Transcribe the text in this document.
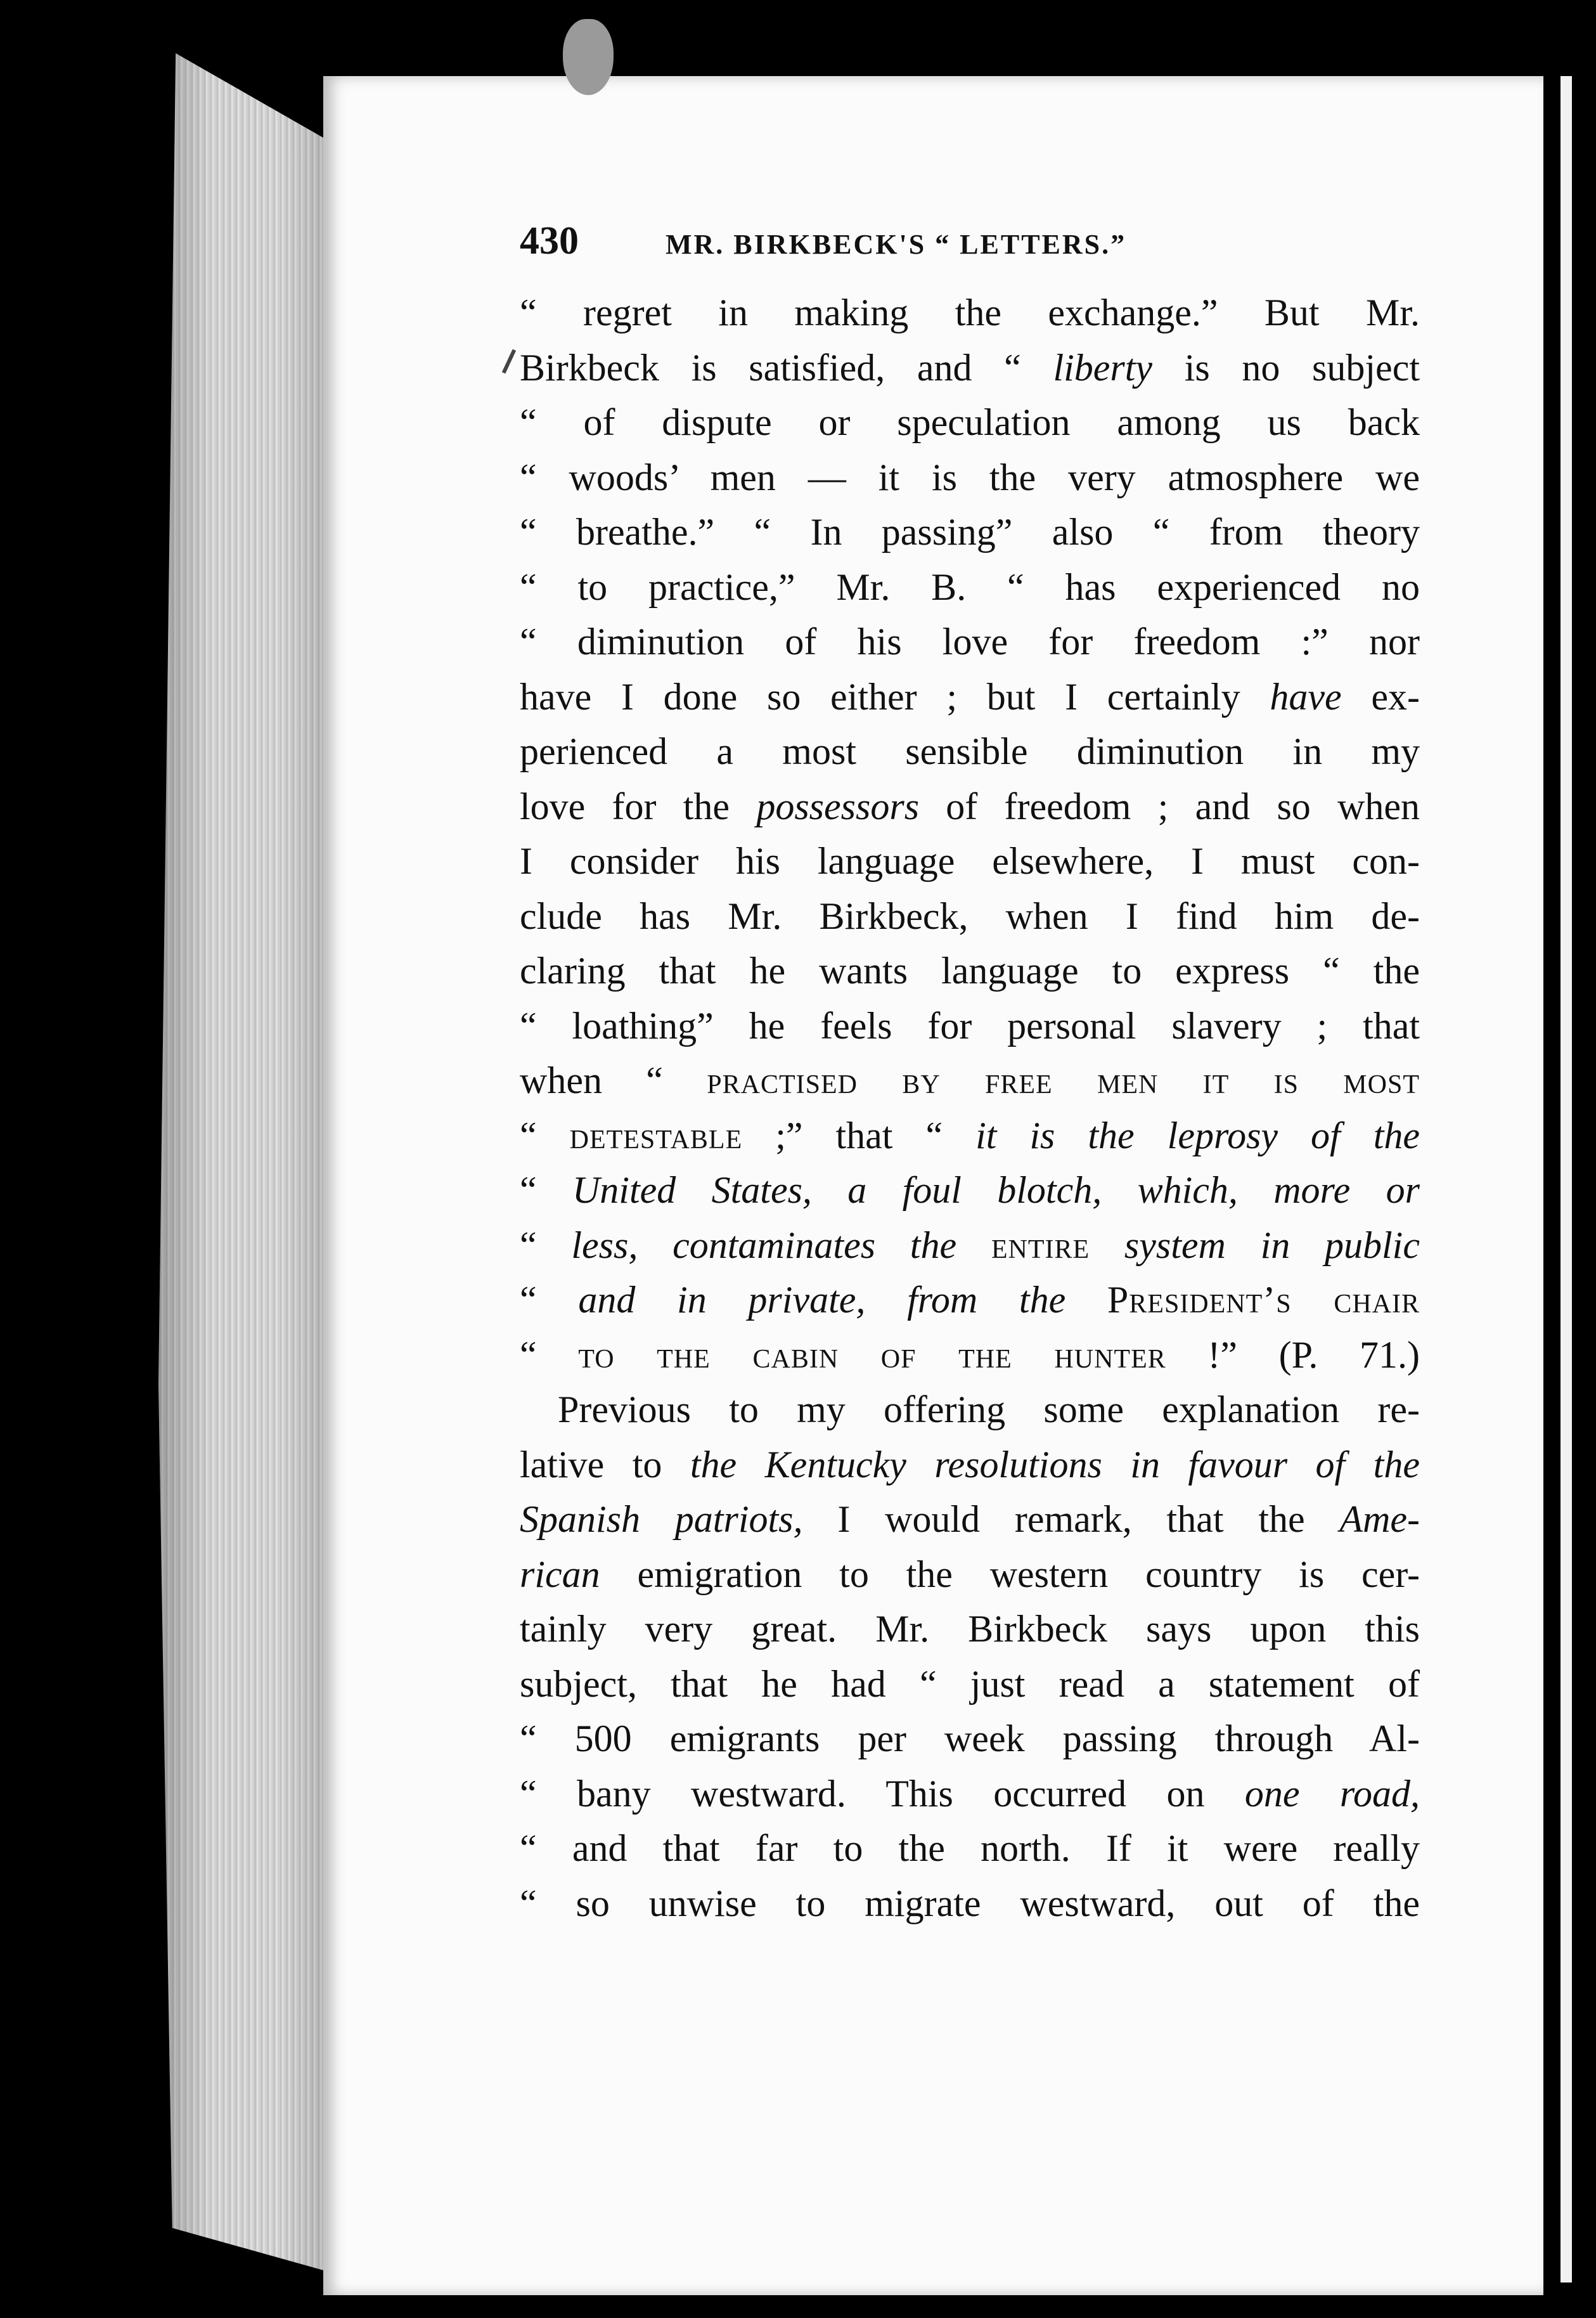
430	MR. BIRKBECK'S “ LETTERS.”
“ regret in making the exchange.” But Mr.
Birkbeck is satisfied, and “ liberty is no subject
“ of dispute or speculation among us back
“ woods’ men — it is the very atmosphere we
“ breathe.” “ In passing” also “ from theory
“ to practice,” Mr. B. “ has experienced no
“ diminution of his love for freedom :” nor
have I done so either ; but I certainly have ex-
perienced a most sensible diminution in my
love for the possessors of freedom ; and so when
I consider his language elsewhere, I must con-
clude has Mr. Birkbeck, when I find him de-
claring that he wants language to express “ the
“ loathing” he feels for personal slavery ; that
when “ practised by free men it is most
“ detestable ;” that “ it is the leprosy of the
“ United States, a foul blotch, which, more or
“ less, contaminates the entire system in public
“ and in private, from the President’s chair
“ to the cabin of the hunter !” (P. 71.)
Previous to my offering some explanation re-
lative to the Kentucky resolutions in favour of the
Spanish patriots, I would remark, that the Ame-
rican emigration to the western country is cer-
tainly very great. Mr. Birkbeck says upon this
subject, that he had “ just read a statement of
“ 500 emigrants per week passing through Al-
“ bany westward. This occurred on one road,
“ and that far to the north. If it were really
“ so unwise to migrate westward, out of the
